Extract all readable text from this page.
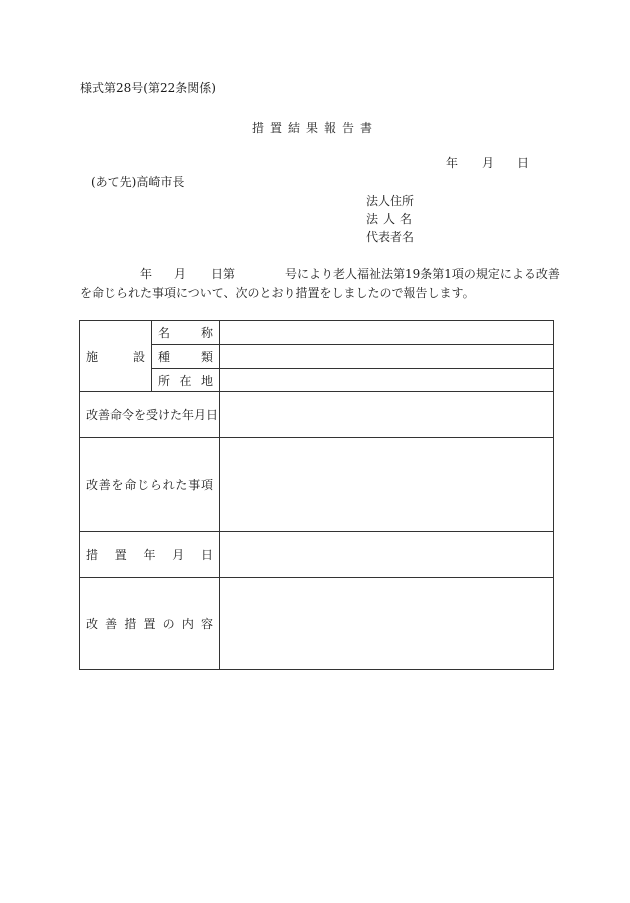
様式第28号(第22条関係)
措置結果報告書
年 月 日
(あて先)高崎市長
法人住所
法人名
代表者名
年 月 日第	号により老人福祉法第19条第1項の規定による改善
を命じられた事項について、次のとおり措置をしましたので報告します。
施設	名称	

	種類	

	所在地	

改善命令を受けた年月日		

改善を命じられた事項		

措置年月日		

改善措置の内容		
